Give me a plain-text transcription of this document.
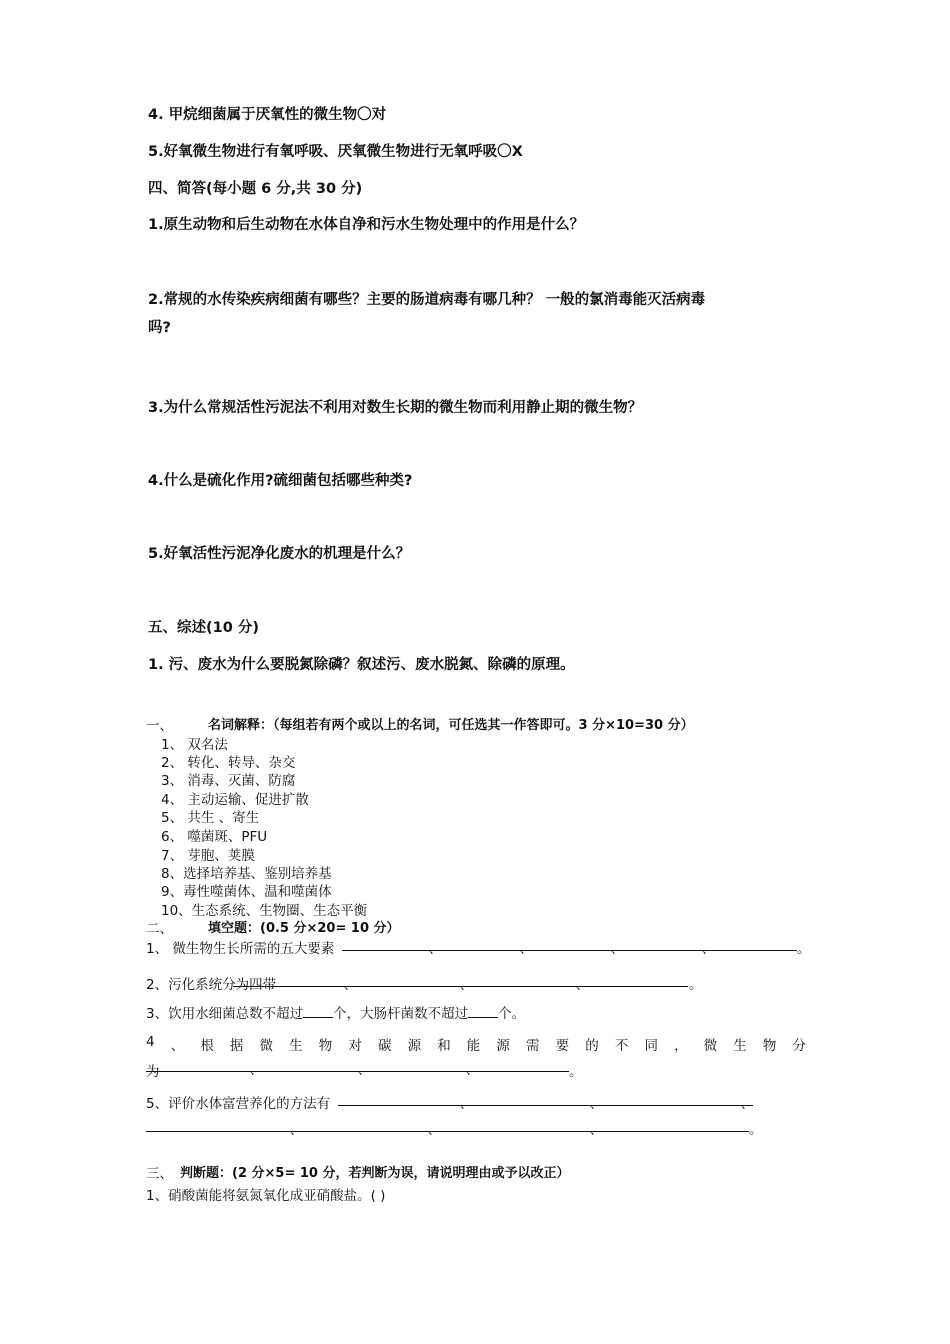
4. 甲烷细菌属于厌氧性的微生物〇对
5.好氧微生物进行有氧呼吸、厌氧微生物进行无氧呼吸〇X
四、简答(每小题 6 分,共 30 分)
1.原生动物和后生动物在水体自净和污水生物处理中的作用是什么？
2.常规的水传染疾病细菌有哪些？主要的肠道病毒有哪几种？ 一般的氯消毒能灭活病毒
吗?
3.为什么常规活性污泥法不利用对数生长期的微生物而利用静止期的微生物？
4.什么是硫化作用?硫细菌包括哪些种类?
5.好氧活性污泥净化废水的机理是什么？
五、综述(10 分)
1. 污、废水为什么要脱氮除磷？叙述污、废水脱氮、除磷的原理。
一、	名词解释：（每组若有两个或以上的名词，可任选其一作答即可。3 分×10=30 分）
1、 双名法
2、 转化、转导、杂交
3、 消毒、灭菌、防腐
4、 主动运输、促进扩散
5、 共生 、寄生
6、 噬菌斑、PFU
7、 芽胞、荚膜
8、选择培养基、鉴别培养基
9、毒性噬菌体、温和噬菌体
10、生态系统、生物圈、生态平衡
二、	填空题：(0.5 分×20= 10 分）
1、 微生物生长所需的五大要素	、	、	、	、	。
2、污化系统分为四带	、	、	、	。
3、饮用水细菌总数不超过 个，大肠杆菌数不超过 个。
4 、 根 据 微 生 物 对 碳 源 和 能 源 需 要 的 不 同 ， 微 生 物 分
为	、	、	、	。
5、评价水体富营养化的方法有	、	、	、
、	、	、	。
三、 判断题：(2 分×5= 10 分，若判断为误，请说明理由或予以改正）
1、硝酸菌能将氨氮氧化成亚硝酸盐。( )
